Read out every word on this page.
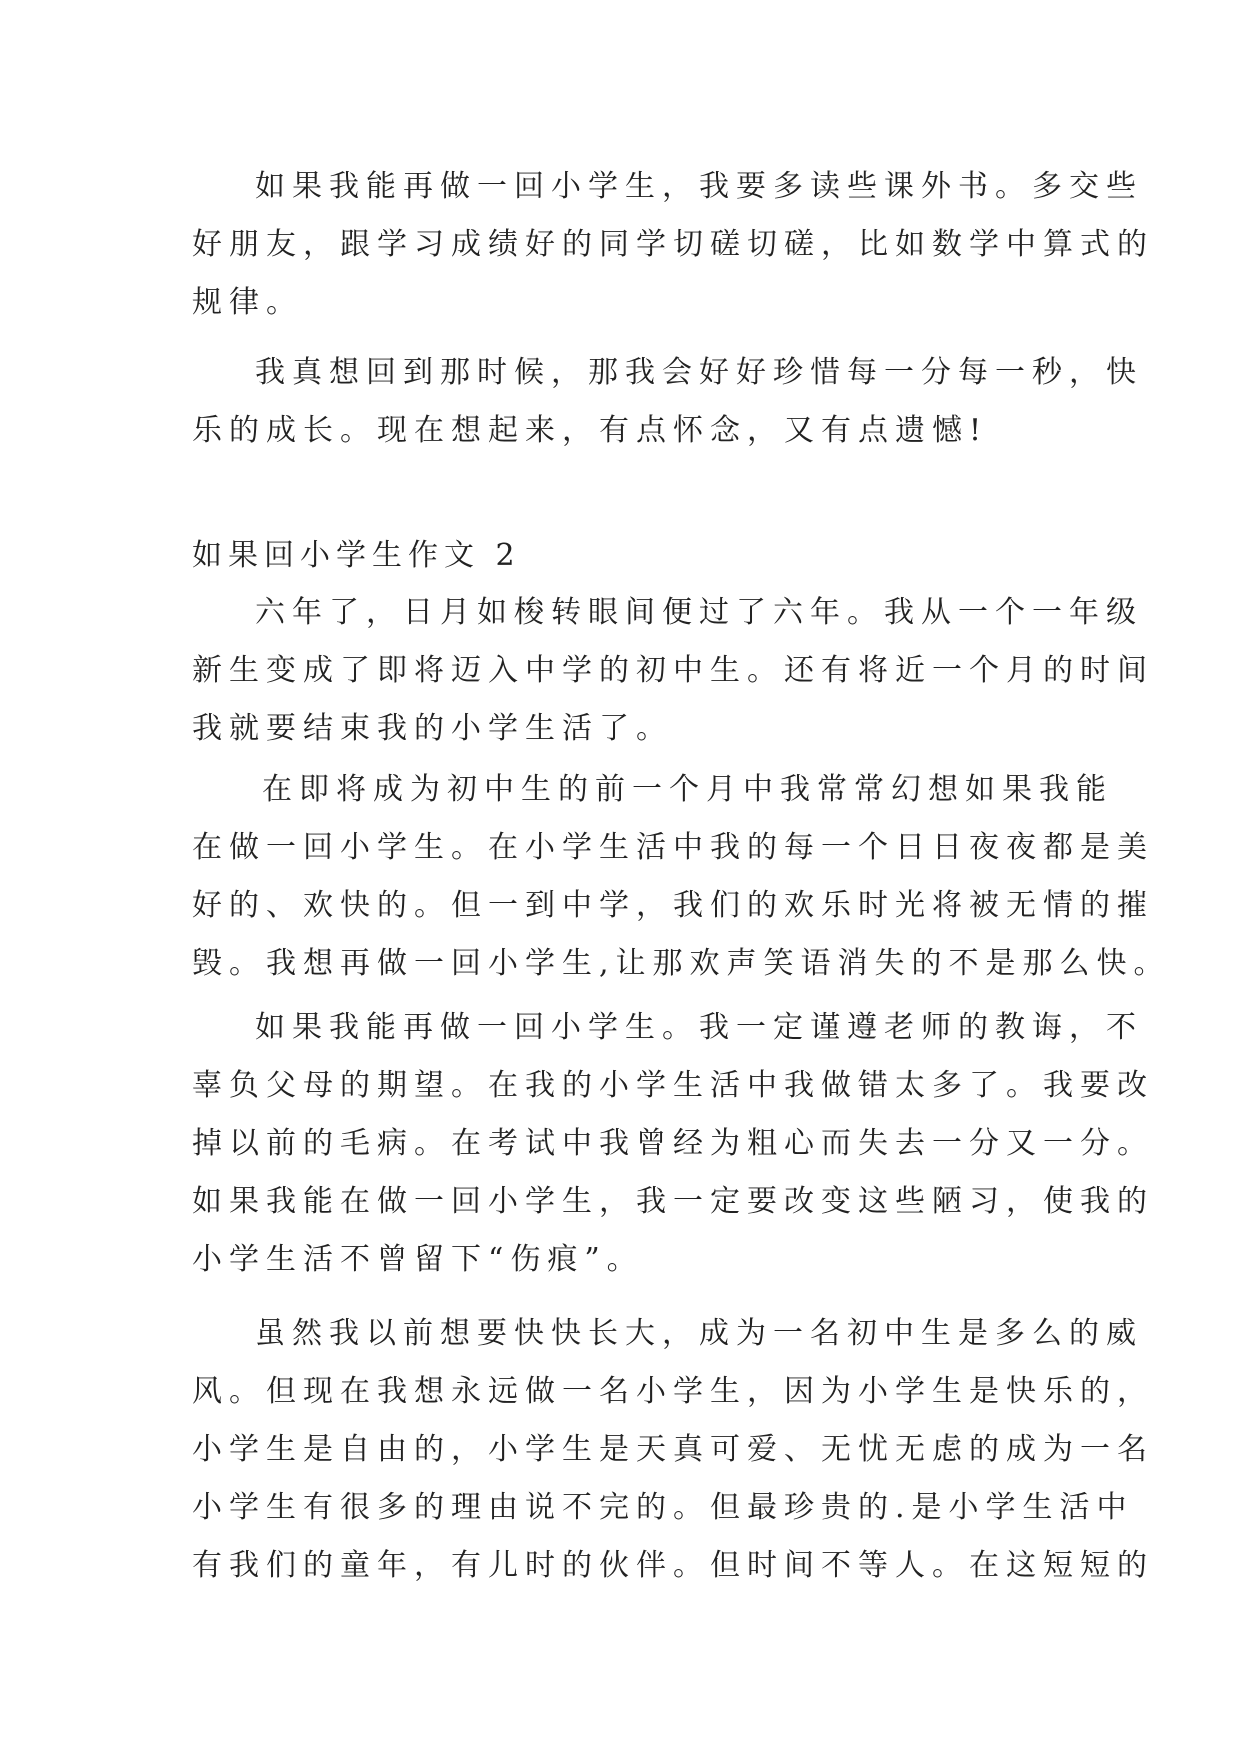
如果我能再做一回小学生，我要多读些课外书。多交些

好朋友，跟学习成绩好的同学切磋切磋，比如数学中算式的

规律。

我真想回到那时候，那我会好好珍惜每一分每一秒，快

乐的成长。现在想起来，有点怀念，又有点遗憾!

如果回小学生作文 2

六年了，日月如梭转眼间便过了六年。我从一个一年级

新生变成了即将迈入中学的初中生。还有将近一个月的时间

我就要结束我的小学生活了。

在即将成为初中生的前一个月中我常常幻想如果我能

在做一回小学生。在小学生活中我的每一个日日夜夜都是美

好的、欢快的。但一到中学，我们的欢乐时光将被无情的摧

毁。我想再做一回小学生,让那欢声笑语消失的不是那么快。

如果我能再做一回小学生。我一定谨遵老师的教诲，不

辜负父母的期望。在我的小学生活中我做错太多了。我要改

掉以前的毛病。在考试中我曾经为粗心而失去一分又一分。

如果我能在做一回小学生，我一定要改变这些陋习，使我的

小学生活不曾留下“伤痕”。

虽然我以前想要快快长大，成为一名初中生是多么的威

风。但现在我想永远做一名小学生，因为小学生是快乐的，

小学生是自由的，小学生是天真可爱、无忧无虑的成为一名

小学生有很多的理由说不完的。但最珍贵的.是小学生活中

有我们的童年，有儿时的伙伴。但时间不等人。在这短短的
